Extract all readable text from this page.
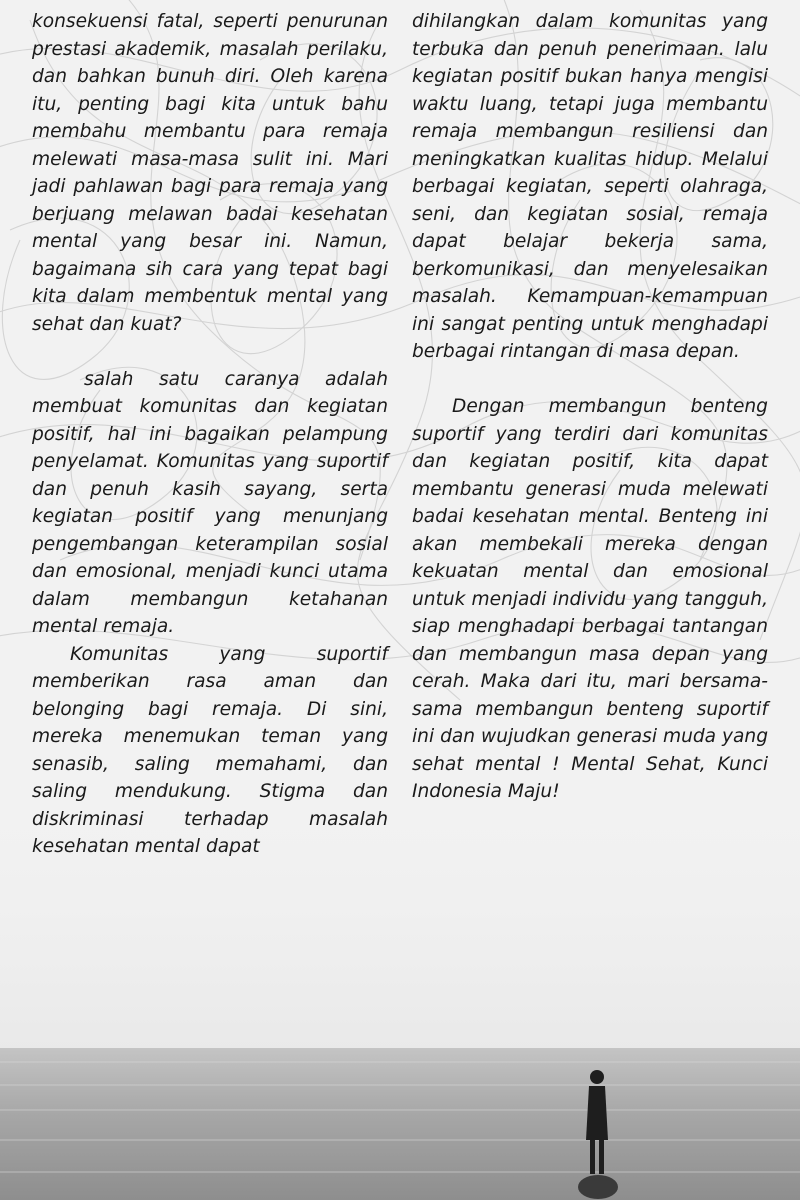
konsekuensi fatal, seperti penurunan prestasi akademik, masalah perilaku, dan bahkan bunuh diri. Oleh karena itu, penting bagi kita untuk bahu membahu membantu para remaja melewati masa-masa sulit ini. Mari jadi pahlawan bagi para remaja yang berjuang melawan badai kesehatan mental yang besar ini. Namun, bagaimana sih cara yang tepat bagi kita dalam membentuk mental yang sehat dan kuat?

salah satu caranya adalah membuat komunitas dan kegiatan positif, hal ini bagaikan pelampung penyelamat. Komunitas yang suportif dan penuh kasih sayang, serta kegiatan positif yang menunjang pengembangan keterampilan sosial dan emosional, menjadi kunci utama dalam membangun ketahanan mental remaja.

Komunitas yang suportif memberikan rasa aman dan belonging bagi remaja. Di sini, mereka menemukan teman yang senasib, saling memahami, dan saling mendukung. Stigma dan diskriminasi terhadap masalah kesehatan mental dapat

dihilangkan dalam komunitas yang terbuka dan penuh penerimaan. lalu kegiatan positif bukan hanya mengisi waktu luang, tetapi juga membantu remaja membangun resiliensi dan meningkatkan kualitas hidup. Melalui berbagai kegiatan, seperti olahraga, seni, dan kegiatan sosial, remaja dapat belajar bekerja sama, berkomunikasi, dan menyelesaikan masalah. Kemampuan-kemampuan ini sangat penting untuk menghadapi berbagai rintangan di masa depan.

Dengan membangun benteng suportif yang terdiri dari komunitas dan kegiatan positif, kita dapat membantu generasi muda melewati badai kesehatan mental. Benteng ini akan membekali mereka dengan kekuatan mental dan emosional untuk menjadi individu yang tangguh, siap menghadapi berbagai tantangan dan membangun masa depan yang cerah. Maka dari itu, mari bersama-sama membangun benteng suportif ini dan wujudkan generasi muda yang sehat mental ! Mental Sehat, Kunci Indonesia Maju!
